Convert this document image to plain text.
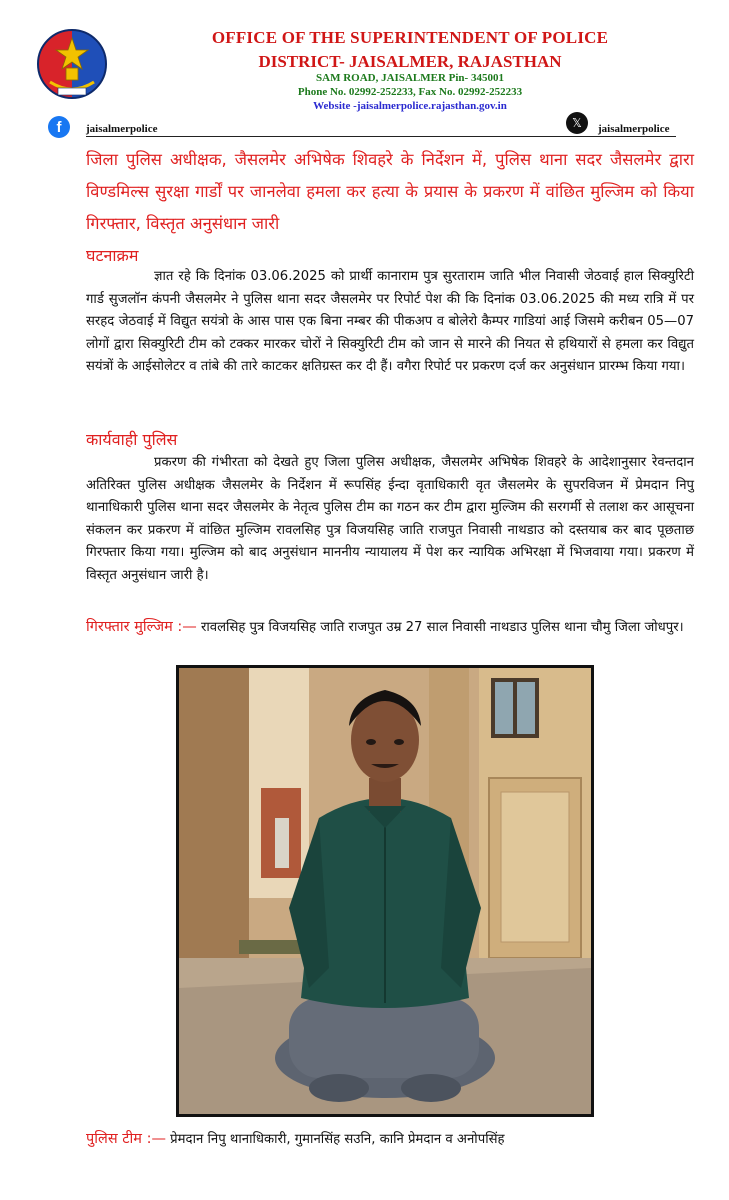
OFFICE OF THE SUPERINTENDENT OF POLICE
DISTRICT- JAISALMER, RAJASTHAN
SAM ROAD, JAISALMER Pin- 345001
Phone No. 02992-252233, Fax No. 02992-252233
Website -jaisalmerpolice.rajasthan.gov.in
f	jaisalmerpolice	𝕏	jaisalmerpolice
जिला पुलिस अधीक्षक, जैसलमेर अभिषेक शिवहरे के निर्देशन में, पुलिस थाना सदर जैसलमेर द्वारा विण्डमिल्स सुरक्षा गार्डों पर जानलेवा हमला कर हत्या के प्रयास के प्रकरण में वांछित मुल्जिम को किया गिरफ्तार, विस्तृत अनुसंधान जारी
घटनाक्रम
ज्ञात रहे कि दिनांक 03.06.2025 को प्रार्थी कानाराम पुत्र सुरताराम जाति भील निवासी जेठवाई हाल सिक्युरिटी गार्ड सुजलॉन कंपनी जैसलमेर ने पुलिस थाना सदर जैसलमेर पर रिपोर्ट पेश की कि दिनांक 03.06.2025 की मध्य रात्रि में पर सरहद जेठवाई में विद्युत सयंत्रो के आस पास एक बिना नम्बर की पीकअप व बोलेरो कैम्पर गाडियां आई जिसमे करीबन 05—07 लोगों द्वारा सिक्युरिटी टीम को टक्कर मारकर चोरों ने सिक्युरिटी टीम को जान से मारने की नियत से हथियारों से हमला कर विद्युत सयंत्रों के आईसोलेटर व तांबे की तारे काटकर क्षतिग्रस्त कर दी हैं। वगैरा रिपोर्ट पर प्रकरण दर्ज कर अनुसंधान प्रारम्भ किया गया।
कार्यवाही पुलिस
प्रकरण की गंभीरता को देखते हुए जिला पुलिस अधीक्षक, जैसलमेर अभिषेक शिवहरे के आदेशानुसार रेवन्तदान अतिरिक्त पुलिस अधीक्षक जैसलमेर के निर्देशन में रूपसिंह ईन्दा वृताधिकारी वृत जैसलमेर के सुपरविजन में प्रेमदान निपु थानाधिकारी पुलिस थाना सदर जैसलमेर के नेतृत्व पुलिस टीम का गठन कर टीम द्वारा मुल्जिम की सरगर्मी से तलाश कर आसूचना संकलन कर प्रकरण में वांछित मुल्जिम रावलसिह पुत्र विजयसिह जाति राजपुत निवासी नाथडाउ को दस्तयाब कर बाद पूछताछ गिरफ्तार किया गया। मुल्जिम को बाद अनुसंधान माननीय न्यायालय में पेश कर न्यायिक अभिरक्षा में भिजवाया गया। प्रकरण में विस्तृत अनुसंधान जारी है।
गिरफ्तार मुल्जिम :— रावलसिह पुत्र विजयसिह जाति राजपुत उम्र 27 साल निवासी नाथडाउ पुलिस थाना चौमु जिला जोधपुर।
पुलिस टीम :— प्रेमदान निपु थानाधिकारी, गुमानसिंह सउनि, कानि प्रेमदान व अनोपसिंह
